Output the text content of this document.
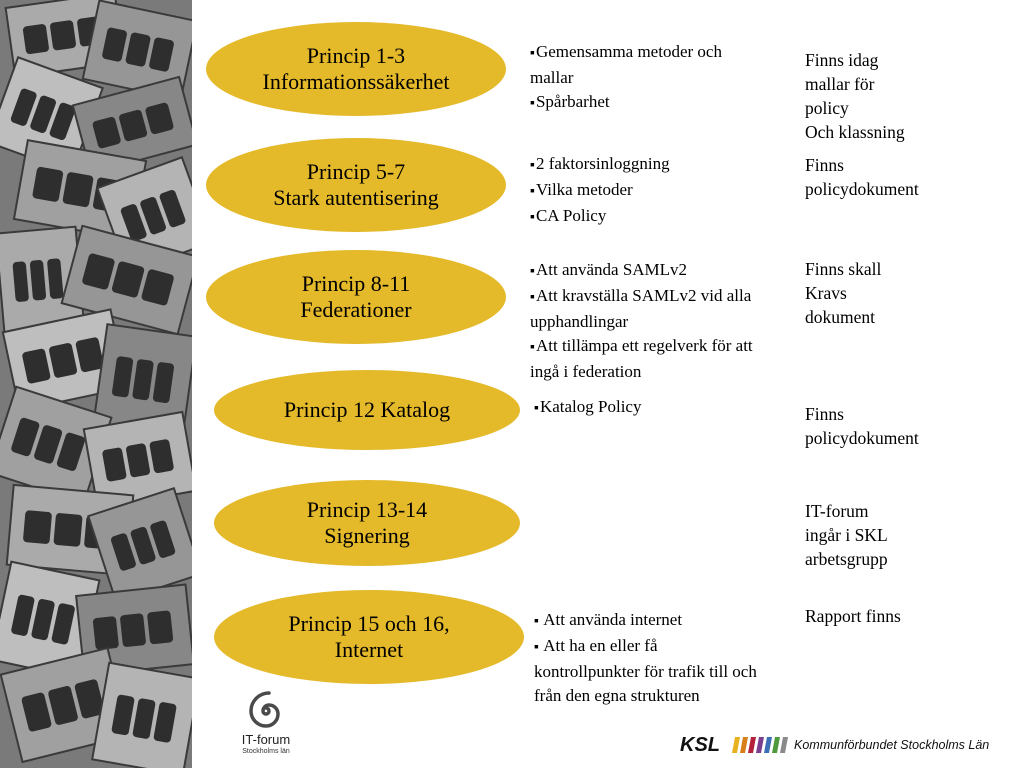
Princip 1-3
Informationssäkerhet
Princip 5-7
Stark autentisering
Princip 8-11
Federationer
Princip 12 Katalog
Princip 13-14
Signering
Princip 15 och 16,
Internet
▪ Gemensamma metoder och mallar
▪ Spårbarhet
▪ 2 faktorsinloggning
▪ Vilka metoder
▪ CA Policy
▪ Att använda SAMLv2
▪ Att kravställa SAMLv2 vid alla upphandlingar
▪ Att tillämpa ett regelverk för att ingå i federation
▪ Katalog Policy
▪ Att använda internet
▪ Att ha en eller få kontrollpunkter för trafik till och från den egna strukturen
Finns idag
mallar för
policy
Och klassning
Finns
policydokument
Finns skall
Kravs
dokument
Finns
policydokument
IT-forum
ingår i SKL
arbetsgrupp
Rapport finns
IT-forum
Stockholms län	KSL	Kommunförbundet Stockholms Län
